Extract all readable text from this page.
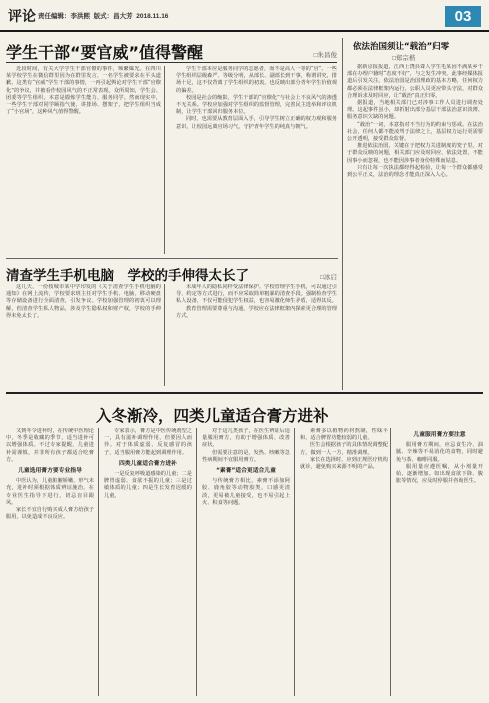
评论 责任编辑：李洪熙 版式：昌大芳 2018.11.16	03
学生干部“要官威”值得警醒	□朱昌俊

近段时间，有关大学学生干部官僚的事件，频繁爆光。在四川某学校学生在微信群里因为在群里发言，一名学生被要求在平头道歉。这类有“官威”学生干部的事情，一再引起舆论对学生干部“官僚化”的争议，并被看作校园风气的不正常表现。众所周知，学生会、团委等学生组织，本意是锻炼学生能力、服务同学。然而现实中，一些学生干部对同学颐指气使、讲排场、摆架子，把学生组织当成了“小官场”，这种风气值得警醒。

学生干部本应是服务同学的志愿者，而不是高人一等的“官”。一些学生组织层级森严、等级分明，从部长、副部长到干事，称谓讲究，排场十足，这不仅背离了学生组织的初衷，也反映出部分青年学生价值观的偏差。

校园是社会的缩影，学生干部的“官僚化”与社会上不良风气的渗透不无关系。学校应加强对学生组织的监督管理，完善民主选举和评议机制，让学生干部回归服务本位。

同时，也需要从教育层面入手，引导学生树立正确的权力观和服务意识，让校园远离官场习气，守护青年学生的纯真与朝气。

依法治国须让“载治”归零
□郑宗楷

据新京报报道，江西上饶县聋人学生毛某因不满某乡干部在办理户籍时“态度不好”，与之发生冲突。此事经媒体报道后引发关注。依法治国是治国理政的基本方略，任何权力都必须在法律框架内运行，公职人员更应带头守法，对群众合理诉求及时回应，让“载治”真正归零。

据报道，当地相关部门已对涉事工作人员进行调查处理。这起事件虽小，却折射出部分基层干部法治意识淡薄、服务意识欠缺的问题。

“载治”一词，本意指对不当行为的约束与惩戒。在法治社会，任何人都不能凌驾于法律之上，基层权力运行更需要公开透明，接受群众监督。

推进依法治国，关键在于把权力关进制度的笼子里。对于群众反映的问题，相关部门应及时回应、依法处置，不能因事小而忽视，也不能因涉事者身份特殊而姑息。

只有让每一次执法都经得起检验，让每一个群众都感受到公平正义，法治的理念才能真正深入人心。

清查学生手机电脑　学校的手伸得太长了	□冰启

这几天，一份枝城市某中学印发的《关于清查学生手机电脑的通知》在网上流传，学校要求班主任对学生手机、电脑、移动硬盘等存储设备进行全面清查，引发争议。学校加强管理的初衷可以理解，但清查学生私人物品，涉及学生隐私权和财产权，学校的手伸得未免太长了。

未成年人的隐私同样受法律保护。学校管理学生手机，可以通过引导、约定等方式进行，而不应采取简单粗暴的清查手段。强制检查学生私人设备，不仅可能侵犯学生权益，也容易激化师生矛盾，适得其反。

教育管理需要尊重与沟通，学校应在法律框架内探索更合理的管理方式。

入冬渐冷，四类儿童适合膏方进补

又到冬令进补时，在传统中医理论中，冬季是收藏的季节，适当进补可以增强体质。不过专家提醒，儿童进补需谨慎，并非所有孩子都适合吃膏方。

儿童选用膏方要专业指导

中医认为，儿童脏腑娇嫩，形气未充，进补时须根据体质辨证施治，在专业医生指导下进行，切忌盲目跟风。

家长不宜自行购买成人膏方给孩子服用，以免造成不良反应。

专家表示，膏方是中医传统剂型之一，具有滋补调理作用，但要因人而异。对于体质虚弱、反复感冒的孩子，适当服用膏方能起到调理作用。

四类儿童适合膏方进补

一是反复呼吸道感染的儿童；二是脾胃虚弱、食欲不振的儿童；三是过敏体质的儿童；四是生长发育迟缓的儿童。

对于这几类孩子，在医生辨证后适量服用膏方，有助于增强体质、改善症状。

但需要注意的是，发热、咳嗽等急性病期间不宜服用膏方。

“素膏”适合更适合儿童

与传统膏方相比，素膏不添加阿胶、鹿角胶等动物胶类，口感更清淡，更易被儿童接受，也不易引起上火、积食等问题。

素膏多以植物药材熬制，性味平和，适合脾胃功能较弱的儿童。

医生会根据孩子的具体情况调整配方，做到一人一方，精准调理。

家长在选择时，应到正规医疗机构就诊，避免购买来源不明的产品。

儿童服用膏方要注意

服用膏方期间，应忌食生冷、油腻、辛辣等不易消化的食物，同时避免与茶、咖啡同服。

服用量应遵医嘱，从小剂量开始，逐渐增加。如出现食欲下降、腹胀等情况，应及时停服并咨询医生。
